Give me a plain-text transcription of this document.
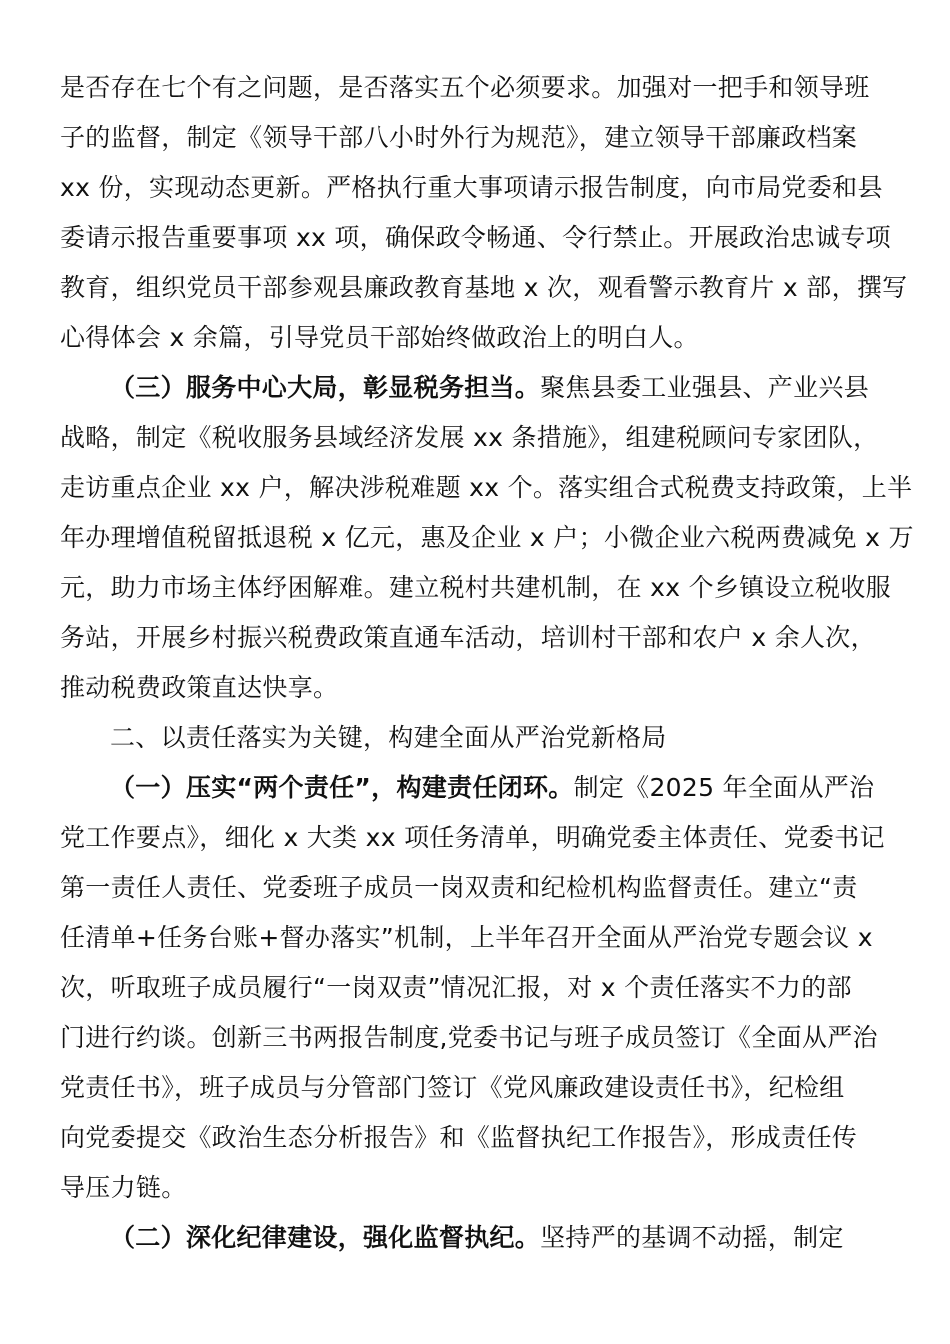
是否存在七个有之问题，是否落实五个必须要求。加强对一把手和领导班
子的监督，制定《领导干部八小时外行为规范》，建立领导干部廉政档案
xx 份，实现动态更新。严格执行重大事项请示报告制度，向市局党委和县
委请示报告重要事项 xx 项，确保政令畅通、令行禁止。开展政治忠诚专项
教育，组织党员干部参观县廉政教育基地 x 次，观看警示教育片 x 部，撰写
心得体会 x 余篇，引导党员干部始终做政治上的明白人。
（三）服务中心大局，彰显税务担当。聚焦县委工业强县、产业兴县
战略，制定《税收服务县域经济发展 xx 条措施》，组建税顾问专家团队，
走访重点企业 xx 户，解决涉税难题 xx 个。落实组合式税费支持政策，上半
年办理增值税留抵退税 x 亿元，惠及企业 x 户；小微企业六税两费减免 x 万
元，助力市场主体纾困解难。建立税村共建机制，在 xx 个乡镇设立税收服
务站，开展乡村振兴税费政策直通车活动，培训村干部和农户 x 余人次，
推动税费政策直达快享。
二、以责任落实为关键，构建全面从严治党新格局
（一）压实“两个责任”，构建责任闭环。制定《2025 年全面从严治
党工作要点》，细化 x 大类 xx 项任务清单，明确党委主体责任、党委书记
第一责任人责任、党委班子成员一岗双责和纪检机构监督责任。建立“责
任清单+任务台账+督办落实”机制，上半年召开全面从严治党专题会议 x
次，听取班子成员履行“一岗双责”情况汇报，对 x 个责任落实不力的部
门进行约谈。创新三书两报告制度,党委书记与班子成员签订《全面从严治
党责任书》，班子成员与分管部门签订《党风廉政建设责任书》，纪检组
向党委提交《政治生态分析报告》和《监督执纪工作报告》，形成责任传
导压力链。
（二）深化纪律建设，强化监督执纪。坚持严的基调不动摇，制定
